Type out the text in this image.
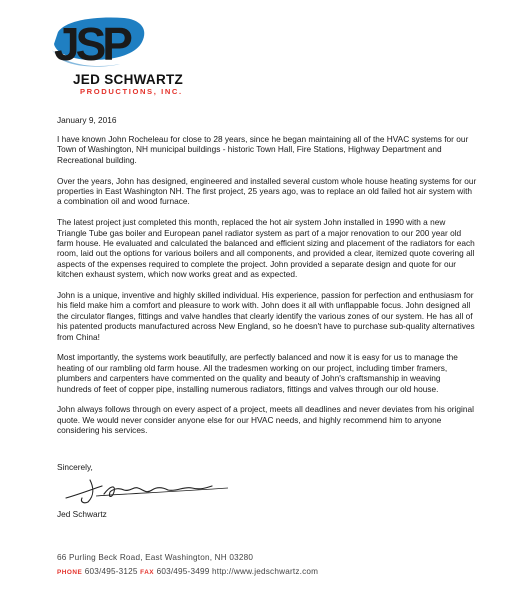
JSP
JED SCHWARTZ
PRODUCTIONS, INC.
January 9, 2016

I have known John Rocheleau for close to 28 years, since he began maintaining all of the HVAC systems for our Town of Washington, NH municipal buildings - historic Town Hall, Fire Stations, Highway Department and Recreational building.

Over the years, John has designed, engineered and installed several custom whole house heating systems for our properties in East Washington NH. The first project, 25 years ago, was to replace an old failed hot air system with a combination oil and wood furnace.

The latest project just completed this month, replaced the hot air system John installed in 1990 with a new Triangle Tube gas boiler and European panel radiator system as part of a major renovation to our 200 year old farm house. He evaluated and calculated the balanced and efficient sizing and placement of the radiators for each room, laid out the options for various boilers and all components, and provided a clear, itemized quote covering all aspects of the expenses required to complete the project. John provided a separate design and quote for our kitchen exhaust system, which now works great and as expected.

John is a unique, inventive and highly skilled individual. His experience, passion for perfection and enthusiasm for his field make him a comfort and pleasure to work with. John does it all with unflappable focus. John designed all the circulator flanges, fittings and valve handles that clearly identify the various zones of our system. He has all of his patented products manufactured across New England, so he doesn't have to purchase sub-quality alternatives from China!

Most importantly, the systems work beautifully, are perfectly balanced and now it is easy for us to manage the heating of our rambling old farm house. All the tradesmen working on our project, including timber framers, plumbers and carpenters have commented on the quality and beauty of John's craftsmanship in weaving hundreds of feet of copper pipe, installing numerous radiators, fittings and valves through our old house.

John always follows through on every aspect of a project, meets all deadlines and never deviates from his original quote. We would never consider anyone else for our HVAC needs, and highly recommend him to anyone considering his services.

Sincerely,
Jed Schwartz
66 Purling Beck Road, East Washington, NH 03280
PHONE 603/495-3125 FAX 603/495-3499 http://www.jedschwartz.com
